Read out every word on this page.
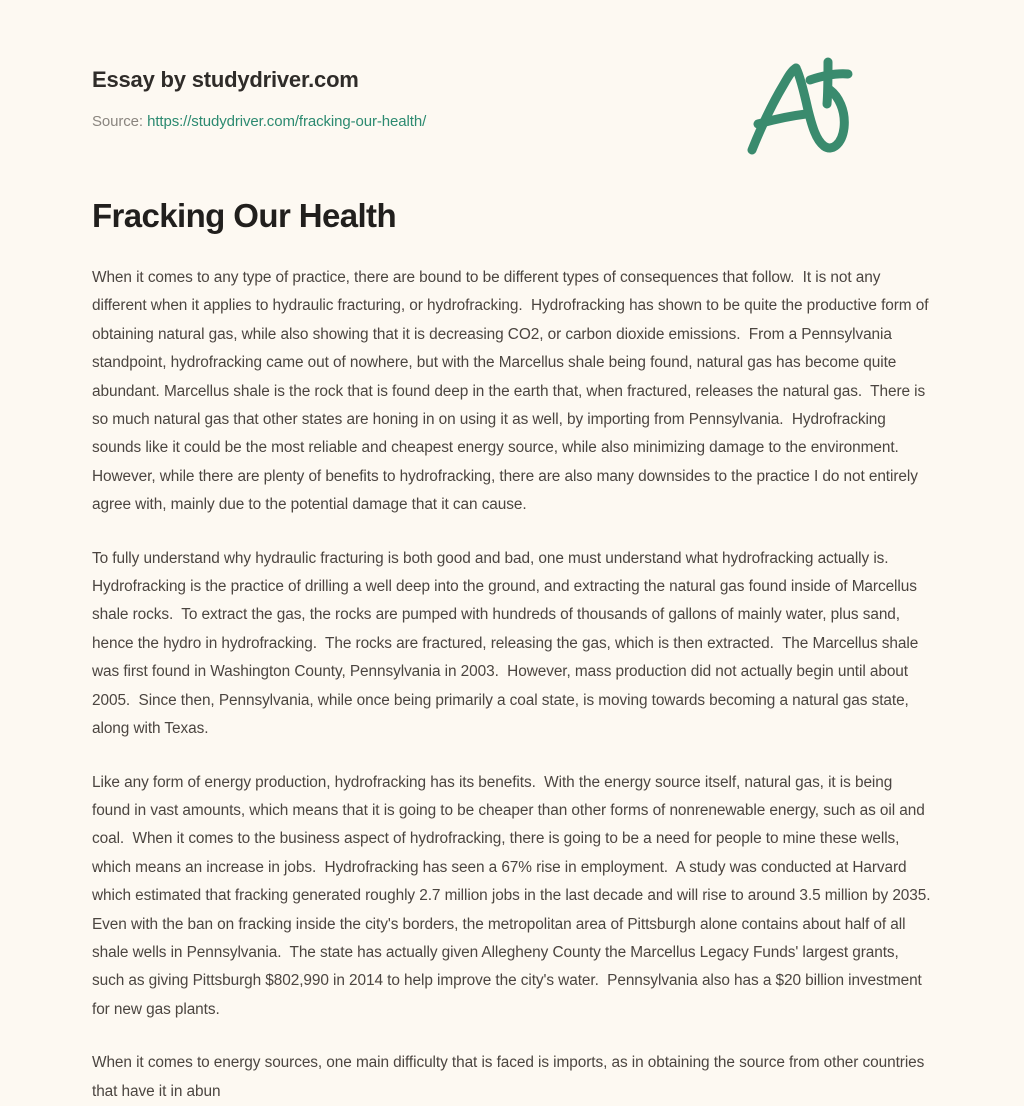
Essay by studydriver.com
Source: https://studydriver.com/fracking-our-health/
Fracking Our Health

When it comes to any type of practice, there are bound to be different types of consequences that follow.  It is not any different when it applies to hydraulic fracturing, or hydrofracking.  Hydrofracking has shown to be quite the productive form of obtaining natural gas, while also showing that it is decreasing CO2, or carbon dioxide emissions.  From a Pennsylvania standpoint, hydrofracking came out of nowhere, but with the Marcellus shale being found, natural gas has become quite abundant. Marcellus shale is the rock that is found deep in the earth that, when fractured, releases the natural gas.  There is so much natural gas that other states are honing in on using it as well, by importing from Pennsylvania.  Hydrofracking sounds like it could be the most reliable and cheapest energy source, while also minimizing damage to the environment.  However, while there are plenty of benefits to hydrofracking, there are also many downsides to the practice I do not entirely agree with, mainly due to the potential damage that it can cause.

To fully understand why hydraulic fracturing is both good and bad, one must understand what hydrofracking actually is.  Hydrofracking is the practice of drilling a well deep into the ground, and extracting the natural gas found inside of Marcellus shale rocks.  To extract the gas, the rocks are pumped with hundreds of thousands of gallons of mainly water, plus sand, hence the hydro in hydrofracking.  The rocks are fractured, releasing the gas, which is then extracted.  The Marcellus shale was first found in Washington County, Pennsylvania in 2003.  However, mass production did not actually begin until about 2005.  Since then, Pennsylvania, while once being primarily a coal state, is moving towards becoming a natural gas state, along with Texas.

Like any form of energy production, hydrofracking has its benefits.  With the energy source itself, natural gas, it is being found in vast amounts, which means that it is going to be cheaper than other forms of nonrenewable energy, such as oil and coal.  When it comes to the business aspect of hydrofracking, there is going to be a need for people to mine these wells, which means an increase in jobs.  Hydrofracking has seen a 67% rise in employment.  A study was conducted at Harvard which estimated that fracking generated roughly 2.7 million jobs in the last decade and will rise to around 3.5 million by 2035. Even with the ban on fracking inside the city's borders, the metropolitan area of Pittsburgh alone contains about half of all shale wells in Pennsylvania.  The state has actually given Allegheny County the Marcellus Legacy Funds' largest grants, such as giving Pittsburgh $802,990 in 2014 to help improve the city's water.  Pennsylvania also has a $20 billion investment for new gas plants.

When it comes to energy sources, one main difficulty that is faced is imports, as in obtaining the source from other countries that have it in abun
